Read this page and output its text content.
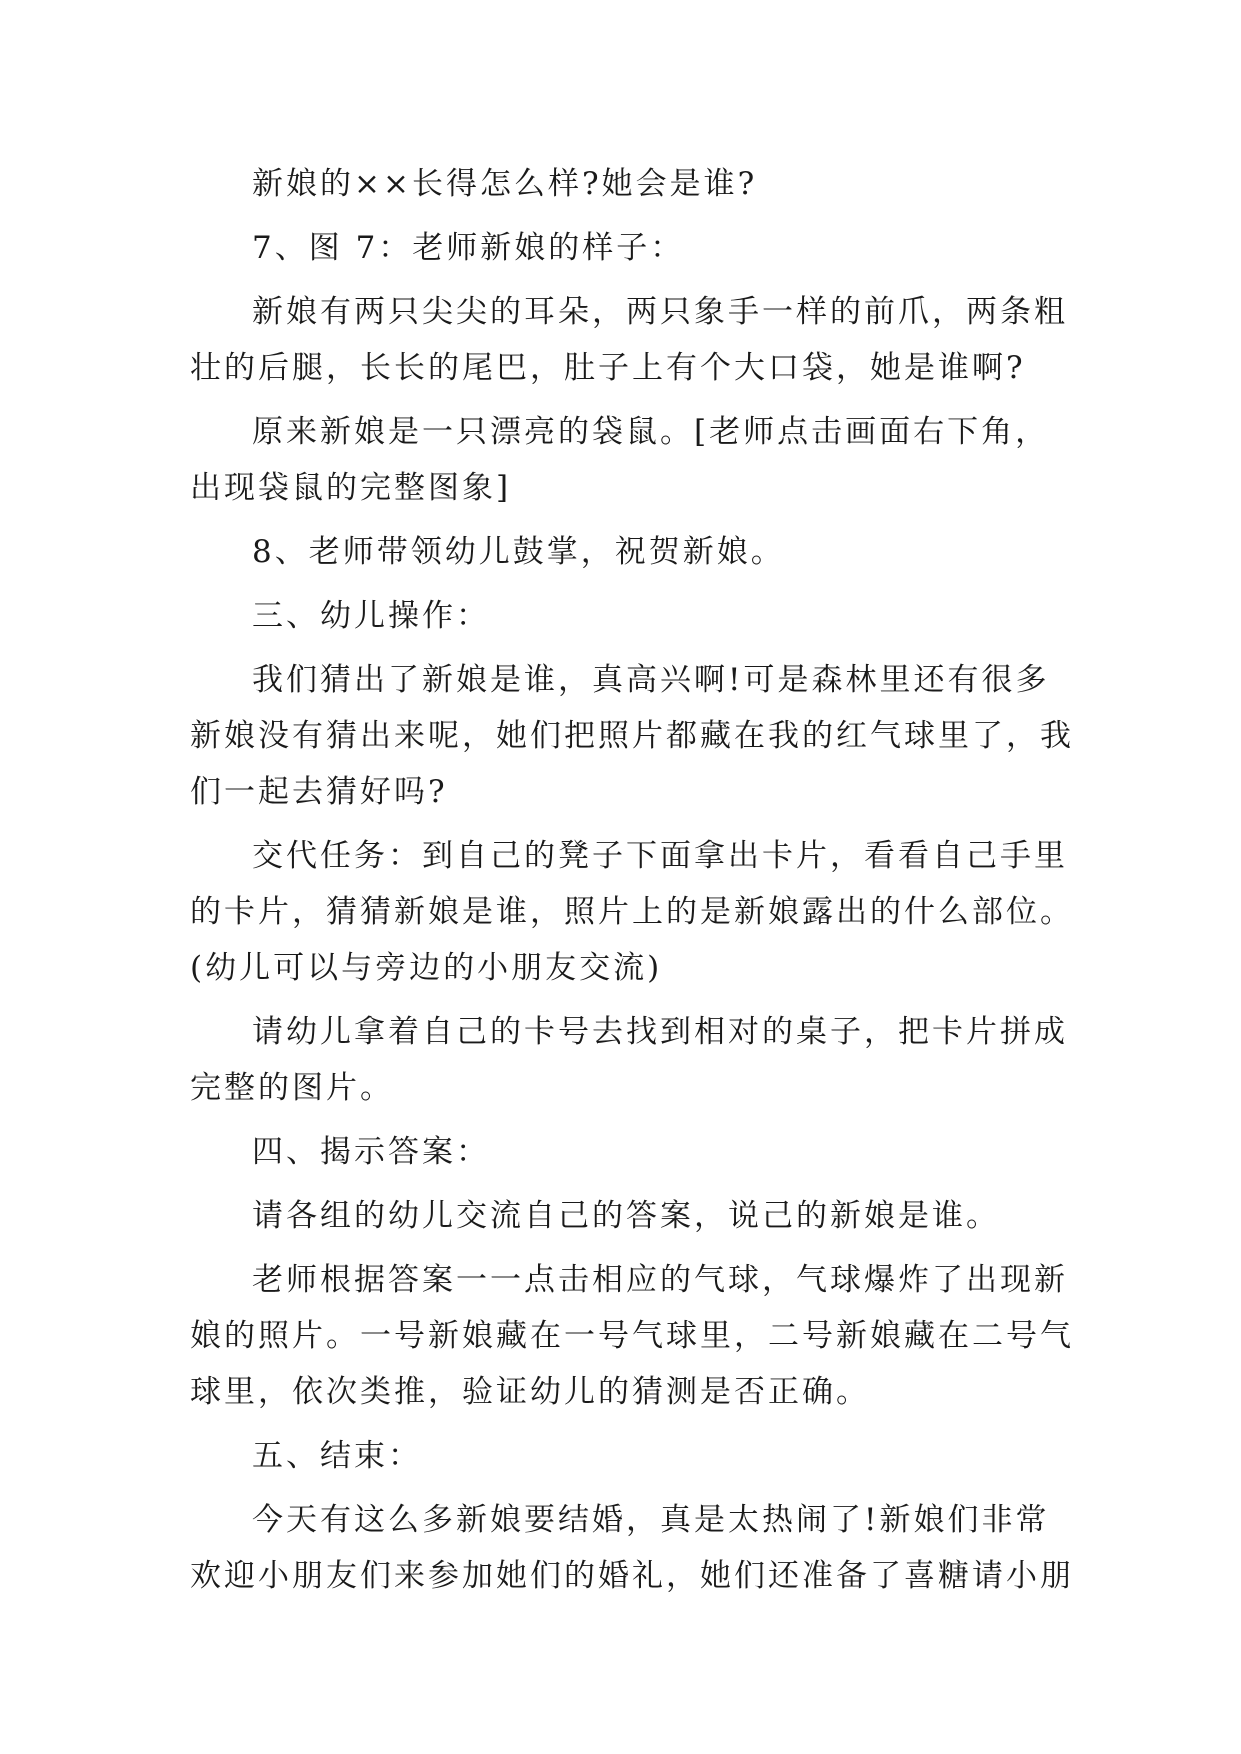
新娘的××长得怎么样?她会是谁?
7、图 7：老师新娘的样子：
新娘有两只尖尖的耳朵，两只象手一样的前爪，两条粗
壮的后腿，长长的尾巴，肚子上有个大口袋，她是谁啊?
原来新娘是一只漂亮的袋鼠。[老师点击画面右下角，
出现袋鼠的完整图象]
8、老师带领幼儿鼓掌，祝贺新娘。
三、幼儿操作：
我们猜出了新娘是谁，真高兴啊!可是森林里还有很多
新娘没有猜出来呢，她们把照片都藏在我的红气球里了，我
们一起去猜好吗?
交代任务：到自己的凳子下面拿出卡片，看看自己手里
的卡片，猜猜新娘是谁，照片上的是新娘露出的什么部位。
(幼儿可以与旁边的小朋友交流)
请幼儿拿着自己的卡号去找到相对的桌子，把卡片拼成
完整的图片。
四、揭示答案：
请各组的幼儿交流自己的答案，说己的新娘是谁。
老师根据答案一一点击相应的气球，气球爆炸了出现新
娘的照片。一号新娘藏在一号气球里，二号新娘藏在二号气
球里，依次类推，验证幼儿的猜测是否正确。
五、结束：
今天有这么多新娘要结婚，真是太热闹了!新娘们非常
欢迎小朋友们来参加她们的婚礼，她们还准备了喜糖请小朋
